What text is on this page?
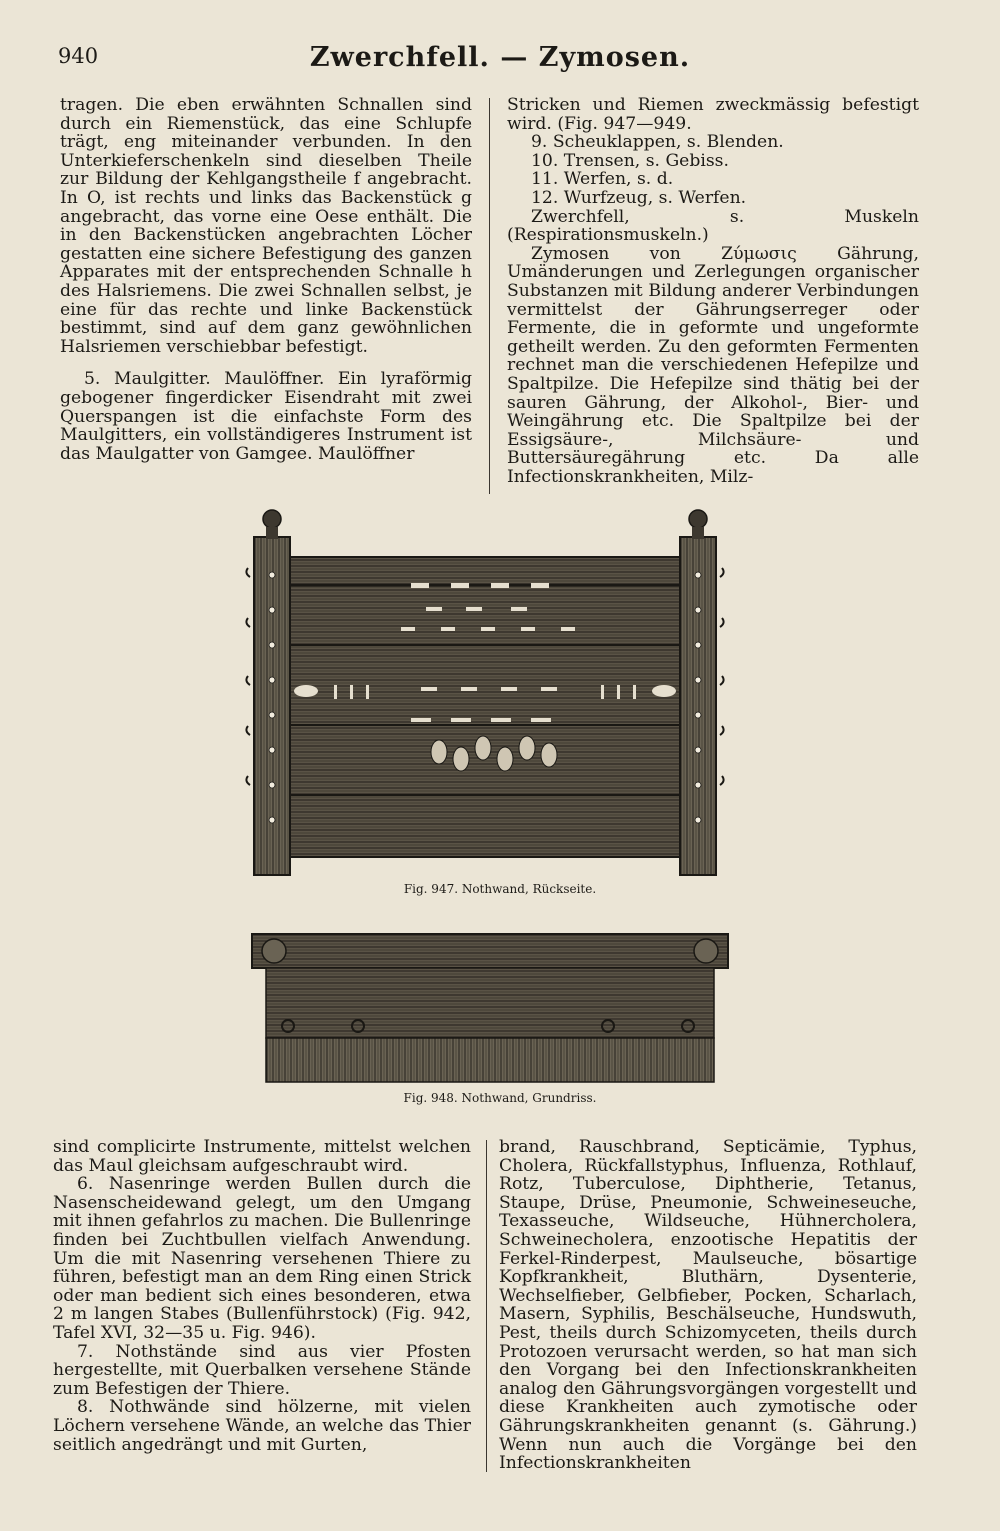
940	Zwerchfell. — Zymosen.

tragen. Die eben erwähnten Schnallen sind durch ein Riemenstück, das eine Schlupfe trägt, eng miteinander verbunden. In den Unterkieferschenkeln sind dieselben Theile zur Bildung der Kehlgangstheile f angebracht. In O, ist rechts und links das Backenstück g angebracht, das vorne eine Oese enthält. Die in den Backenstücken angebrachten Löcher gestatten eine sichere Befestigung des ganzen Apparates mit der entsprechenden Schnalle h des Halsriemens. Die zwei Schnallen selbst, je eine für das rechte und linke Backenstück bestimmt, sind auf dem ganz gewöhnlichen Halsriemen verschiebbar befestigt.

5. Maulgitter. Maulöffner. Ein lyraförmig gebogener fingerdicker Eisendraht mit zwei Querspangen ist die einfachste Form des Maulgitters, ein vollständigeres Instrument ist das Maulgatter von Gamgee. Maulöffner

Stricken und Riemen zweckmässig befestigt wird. (Fig. 947—949.

9. Scheuklappen, s. Blenden.

10. Trensen, s. Gebiss.

11. Werfen, s. d.

12. Wurfzeug, s. Werfen.

Zwerchfell, s. Muskeln (Respirationsmuskeln.)

Zymosen von Ζύμωσις Gährung, Umänderungen und Zerlegungen organischer Substanzen mit Bildung anderer Verbindungen vermittelst der Gährungserreger oder Fermente, die in geformte und ungeformte getheilt werden. Zu den geformten Fermenten rechnet man die verschiedenen Hefepilze und Spaltpilze. Die Hefepilze sind thätig bei der sauren Gährung, der Alkohol-, Bier- und Weingährung etc. Die Spaltpilze bei der Essigsäure-, Milchsäure- und Buttersäuregährung etc. Da alle Infectionskrankheiten, Milz-

Fig. 947. Nothwand, Rückseite.
Fig. 948. Nothwand, Grundriss.

sind complicirte Instrumente, mittelst welchen das Maul gleichsam aufgeschraubt wird.

6. Nasenringe werden Bullen durch die Nasenscheidewand gelegt, um den Umgang mit ihnen gefahrlos zu machen. Die Bullenringe finden bei Zuchtbullen vielfach Anwendung. Um die mit Nasenring versehenen Thiere zu führen, befestigt man an dem Ring einen Strick oder man bedient sich eines besonderen, etwa 2 m langen Stabes (Bullenführstock) (Fig. 942, Tafel XVI, 32—35 u. Fig. 946).

7. Nothstände sind aus vier Pfosten hergestellte, mit Querbalken versehene Stände zum Befestigen der Thiere.

8. Nothwände sind hölzerne, mit vielen Löchern versehene Wände, an welche das Thier seitlich angedrängt und mit Gurten,

brand, Rauschbrand, Septicämie, Typhus, Cholera, Rückfallstyphus, Influenza, Rothlauf, Rotz, Tuberculose, Diphtherie, Tetanus, Staupe, Drüse, Pneumonie, Schweineseuche, Texasseuche, Wildseuche, Hühnercholera, Schweinecholera, enzootische Hepatitis der Ferkel-Rinderpest, Maulseuche, bösartige Kopfkrankheit, Bluthärn, Dysenterie, Wechselfieber, Gelbfieber, Pocken, Scharlach, Masern, Syphilis, Beschälseuche, Hundswuth, Pest, theils durch Schizomyceten, theils durch Protozoen verursacht werden, so hat man sich den Vorgang bei den Infectionskrankheiten analog den Gährungsvorgängen vorgestellt und diese Krankheiten auch zymotische oder Gährungskrankheiten genannt (s. Gährung.) Wenn nun auch die Vorgänge bei den Infectionskrankheiten
